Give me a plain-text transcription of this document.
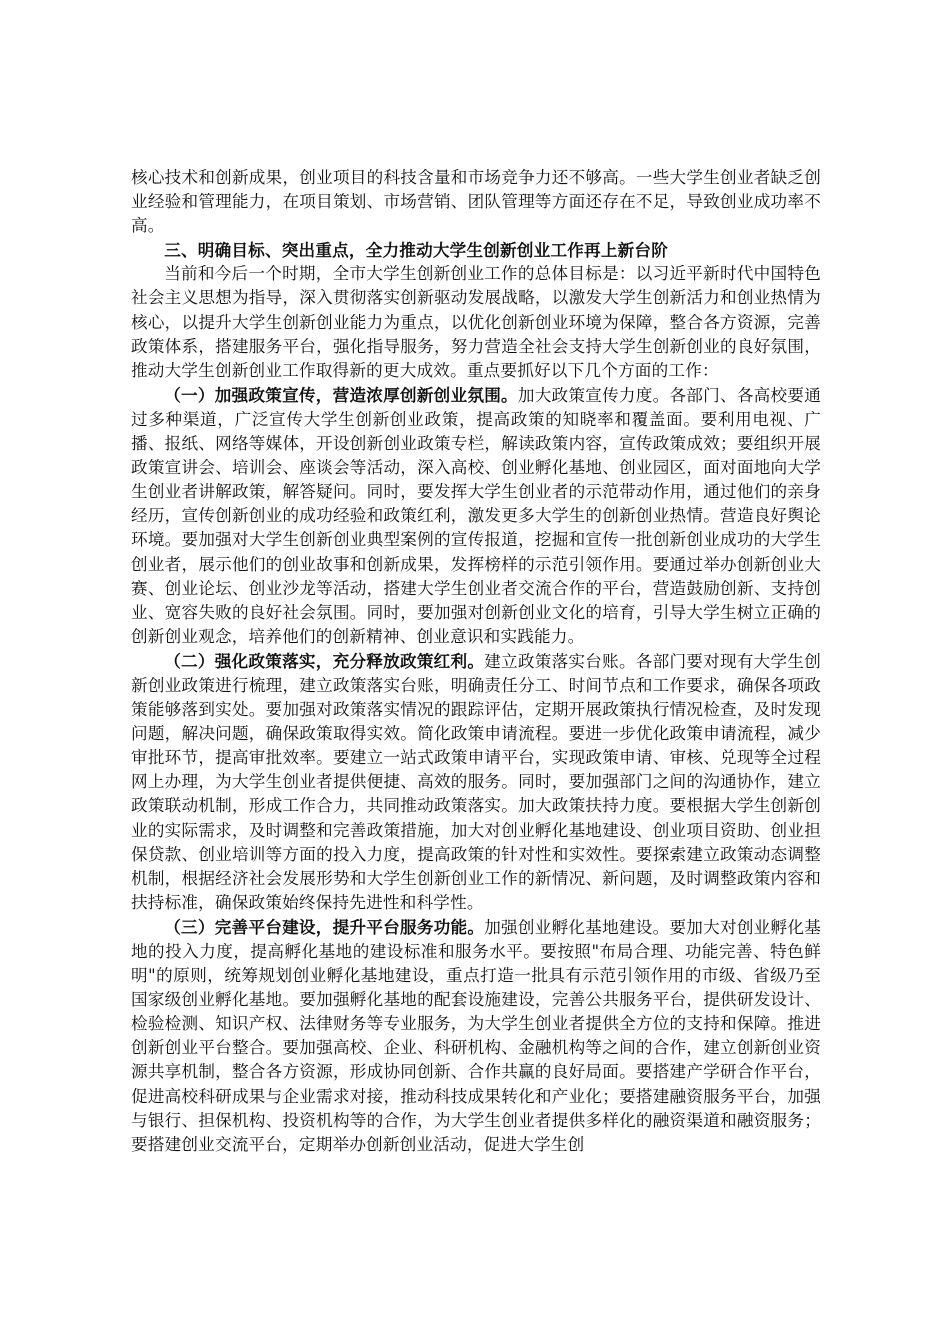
核心技术和创新成果，创业项目的科技含量和市场竞争力还不够高。一些大学生创业者缺乏创业经验和管理能力，在项目策划、市场营销、团队管理等方面还存在不足，导致创业成功率不高。

三、明确目标、突出重点，全力推动大学生创新创业工作再上新台阶

当前和今后一个时期，全市大学生创新创业工作的总体目标是：以习近平新时代中国特色社会主义思想为指导，深入贯彻落实创新驱动发展战略，以激发大学生创新活力和创业热情为核心，以提升大学生创新创业能力为重点，以优化创新创业环境为保障，整合各方资源，完善政策体系，搭建服务平台，强化指导服务，努力营造全社会支持大学生创新创业的良好氛围，推动大学生创新创业工作取得新的更大成效。重点要抓好以下几个方面的工作：

（一）加强政策宣传，营造浓厚创新创业氛围。加大政策宣传力度。各部门、各高校要通过多种渠道，广泛宣传大学生创新创业政策，提高政策的知晓率和覆盖面。要利用电视、广播、报纸、网络等媒体，开设创新创业政策专栏，解读政策内容，宣传政策成效；要组织开展政策宣讲会、培训会、座谈会等活动，深入高校、创业孵化基地、创业园区，面对面地向大学生创业者讲解政策，解答疑问。同时，要发挥大学生创业者的示范带动作用，通过他们的亲身经历，宣传创新创业的成功经验和政策红利，激发更多大学生的创新创业热情。营造良好舆论环境。要加强对大学生创新创业典型案例的宣传报道，挖掘和宣传一批创新创业成功的大学生创业者，展示他们的创业故事和创新成果，发挥榜样的示范引领作用。要通过举办创新创业大赛、创业论坛、创业沙龙等活动，搭建大学生创业者交流合作的平台，营造鼓励创新、支持创业、宽容失败的良好社会氛围。同时，要加强对创新创业文化的培育，引导大学生树立正确的创新创业观念，培养他们的创新精神、创业意识和实践能力。

（二）强化政策落实，充分释放政策红利。建立政策落实台账。各部门要对现有大学生创新创业政策进行梳理，建立政策落实台账，明确责任分工、时间节点和工作要求，确保各项政策能够落到实处。要加强对政策落实情况的跟踪评估，定期开展政策执行情况检查，及时发现问题，解决问题，确保政策取得实效。简化政策申请流程。要进一步优化政策申请流程，减少审批环节，提高审批效率。要建立一站式政策申请平台，实现政策申请、审核、兑现等全过程网上办理，为大学生创业者提供便捷、高效的服务。同时，要加强部门之间的沟通协作，建立政策联动机制，形成工作合力，共同推动政策落实。加大政策扶持力度。要根据大学生创新创业的实际需求，及时调整和完善政策措施，加大对创业孵化基地建设、创业项目资助、创业担保贷款、创业培训等方面的投入力度，提高政策的针对性和实效性。要探索建立政策动态调整机制，根据经济社会发展形势和大学生创新创业工作的新情况、新问题，及时调整政策内容和扶持标准，确保政策始终保持先进性和科学性。

（三）完善平台建设，提升平台服务功能。加强创业孵化基地建设。要加大对创业孵化基地的投入力度，提高孵化基地的建设标准和服务水平。要按照"布局合理、功能完善、特色鲜明"的原则，统筹规划创业孵化基地建设，重点打造一批具有示范引领作用的市级、省级乃至国家级创业孵化基地。要加强孵化基地的配套设施建设，完善公共服务平台，提供研发设计、检验检测、知识产权、法律财务等专业服务，为大学生创业者提供全方位的支持和保障。推进创新创业平台整合。要加强高校、企业、科研机构、金融机构等之间的合作，建立创新创业资源共享机制，整合各方资源，形成协同创新、合作共赢的良好局面。要搭建产学研合作平台，促进高校科研成果与企业需求对接，推动科技成果转化和产业化；要搭建融资服务平台，加强与银行、担保机构、投资机构等的合作，为大学生创业者提供多样化的融资渠道和融资服务；要搭建创业交流平台，定期举办创新创业活动，促进大学生创
